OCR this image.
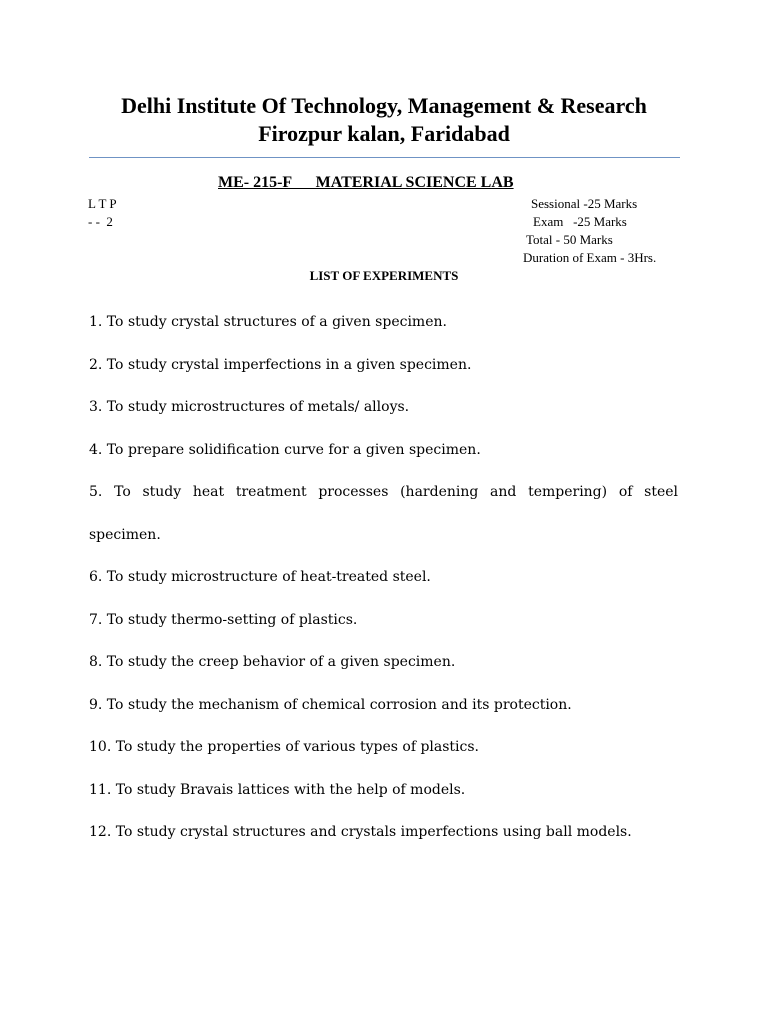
Delhi Institute Of Technology, Management & Research
Firozpur kalan, Faridabad
ME- 215-F      MATERIAL SCIENCE LAB
L T P
- -  2
Sessional -25 Marks
Exam   -25 Marks
Total - 50 Marks
Duration of Exam - 3Hrs.
LIST OF EXPERIMENTS
1. To study crystal structures of a given specimen.
2. To study crystal imperfections in a given specimen.
3. To study microstructures of metals/ alloys.
4. To prepare solidification curve for a given specimen.
5. To study heat treatment processes (hardening and tempering) of steel specimen.
6. To study microstructure of heat-treated steel.
7. To study thermo-setting of plastics.
8. To study the creep behavior of a given specimen.
9. To study the mechanism of chemical corrosion and its protection.
10. To study the properties of various types of plastics.
11. To study Bravais lattices with the help of models.
12. To study crystal structures and crystals imperfections using ball models.
